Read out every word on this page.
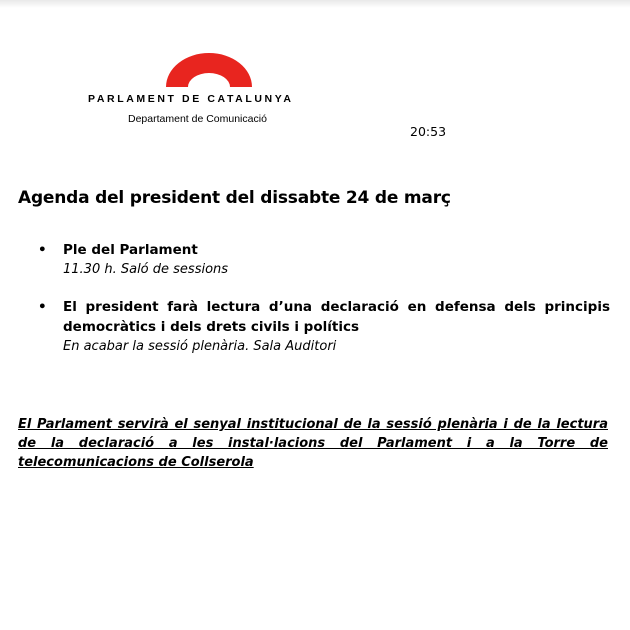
PARLAMENT DE CATALUNYA
Departament de Comunicació
20:53
Agenda del president del dissabte 24 de març
• Ple del Parlament
11.30 h. Saló de sessions
• El president farà lectura d’una declaració en defensa dels principis democràtics i dels drets civils i polítics
En acabar la sessió plenària. Sala Auditori
El Parlament servirà el senyal institucional de la sessió plenària i de la lectura de la declaració a les instal·lacions del Parlament i a la Torre de telecomunicacions de Collserola
